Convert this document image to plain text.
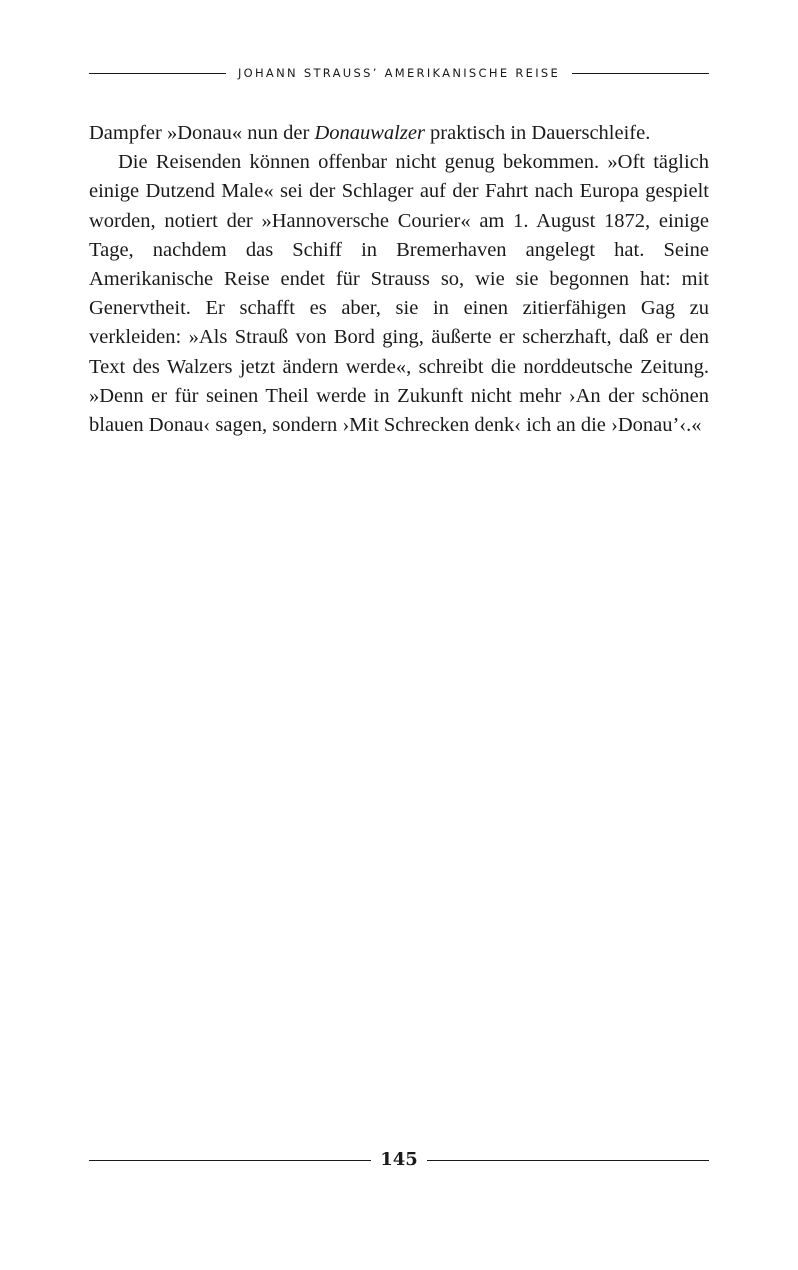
JOHANN STRAUSS’ AMERIKANISCHE REISE

Dampfer »Donau« nun der Donauwalzer praktisch in Dauerschleife.

Die Reisenden können offenbar nicht genug bekommen. »Oft täglich einige Dutzend Male« sei der Schlager auf der Fahrt nach Europa gespielt worden, notiert der »Hannoversche Courier« am 1. August 1872, einige Tage, nachdem das Schiff in Bremerhaven angelegt hat. Seine Amerikanische Reise endet für Strauss so, wie sie begonnen hat: mit Genervtheit. Er schafft es aber, sie in einen zitierfähigen Gag zu verkleiden: »Als Strauß von Bord ging, äußerte er scherzhaft, daß er den Text des Walzers jetzt ändern werde«, schreibt die norddeutsche Zeitung. »Denn er für seinen Theil werde in Zukunft nicht mehr ›An der schönen blauen Donau‹ sagen, sondern ›Mit Schrecken denk‹ ich an die ›Donau’‹.«

145
